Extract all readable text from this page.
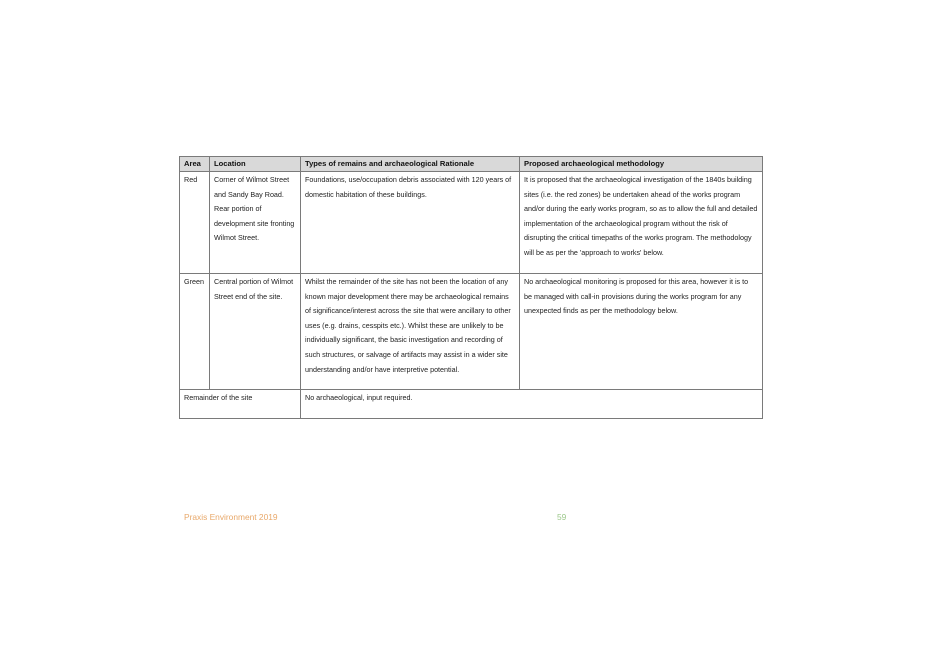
Area	Location	Types of remains and archaeological Rationale	Proposed archaeological methodology
Red	Corner of Wilmot Street and Sandy Bay Road. Rear portion of development site fronting Wilmot Street.	Foundations, use/occupation debris associated with 120 years of domestic habitation of these buildings.	It is proposed that the archaeological investigation of the 1840s building sites (i.e. the red zones) be undertaken ahead of the works program and/or during the early works program, so as to allow the full and detailed implementation of the archaeological program without the risk of disrupting the critical timepaths of the works program. The methodology will be as per the 'approach to works' below.
Green	Central portion of Wilmot Street end of the site.	Whilst the remainder of the site has not been the location of any known major development there may be archaeological remains of significance/interest across the site that were ancillary to other uses (e.g. drains, cesspits etc.). Whilst these are unlikely to be individually significant, the basic investigation and recording of such structures, or salvage of artifacts may assist in a wider site understanding and/or have interpretive potential.	No archaeological monitoring is proposed for this area, however it is to be managed with call-in provisions during the works program for any unexpected finds as per the methodology below.
Remainder of the site		No archaeological, input required.	
Praxis Environment 2019	59
